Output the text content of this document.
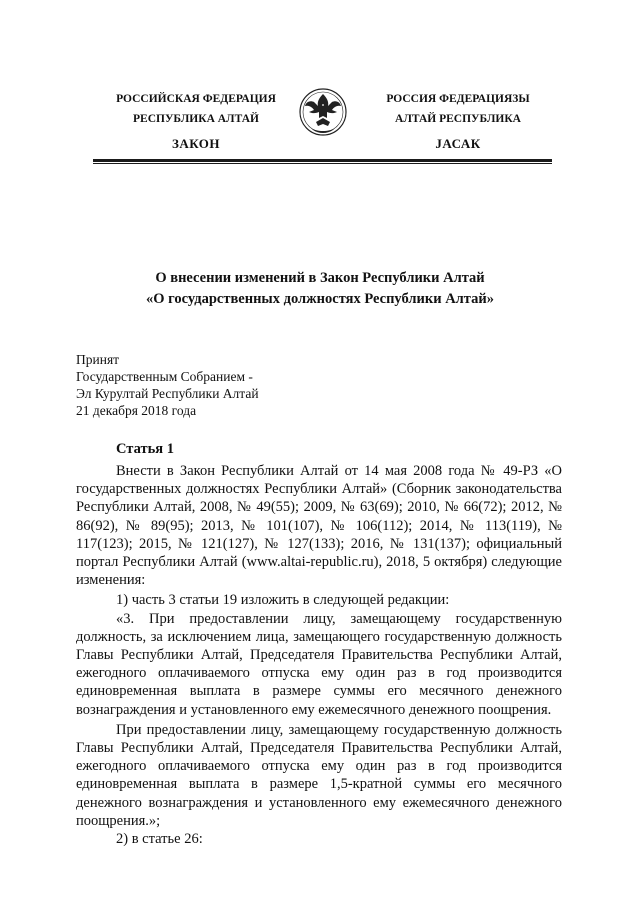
РОССИЙСКАЯ ФЕДЕРАЦИЯ
РЕСПУБЛИКА АЛТАЙ
ЗАКОН
РОССИЯ ФЕДЕРАЦИЯЗЫ
АЛТАЙ РЕСПУБЛИКА
JАСАК
О внесении изменений в Закон Республики Алтай
«О государственных должностях Республики Алтай»
Принят
Государственным Собранием -
Эл Курултай Республики Алтай
21 декабря 2018 года
Статья 1

Внести в Закон Республики Алтай от 14 мая 2008 года № 49-РЗ «О государственных должностях Республики Алтай» (Сборник законодательства Республики Алтай, 2008, № 49(55); 2009, № 63(69); 2010, № 66(72); 2012, № 86(92), № 89(95); 2013, № 101(107), № 106(112); 2014, № 113(119), № 117(123); 2015, № 121(127), № 127(133); 2016, № 131(137); официальный портал Республики Алтай (www.altai-republic.ru), 2018, 5 октября) следующие изменения:

1) часть 3 статьи 19 изложить в следующей редакции:

«3. При предоставлении лицу, замещающему государственную должность, за исключением лица, замещающего государственную должность Главы Республики Алтай, Председателя Правительства Республики Алтай, ежегодного оплачиваемого отпуска ему один раз в год производится единовременная выплата в размере суммы его месячного денежного вознаграждения и установленного ему ежемесячного денежного поощрения.

При предоставлении лицу, замещающему государственную должность Главы Республики Алтай, Председателя Правительства Республики Алтай, ежегодного оплачиваемого отпуска ему один раз в год производится единовременная выплата в размере 1,5-кратной суммы его месячного денежного вознаграждения и установленного ему ежемесячного денежного поощрения.»;

2) в статье 26:
